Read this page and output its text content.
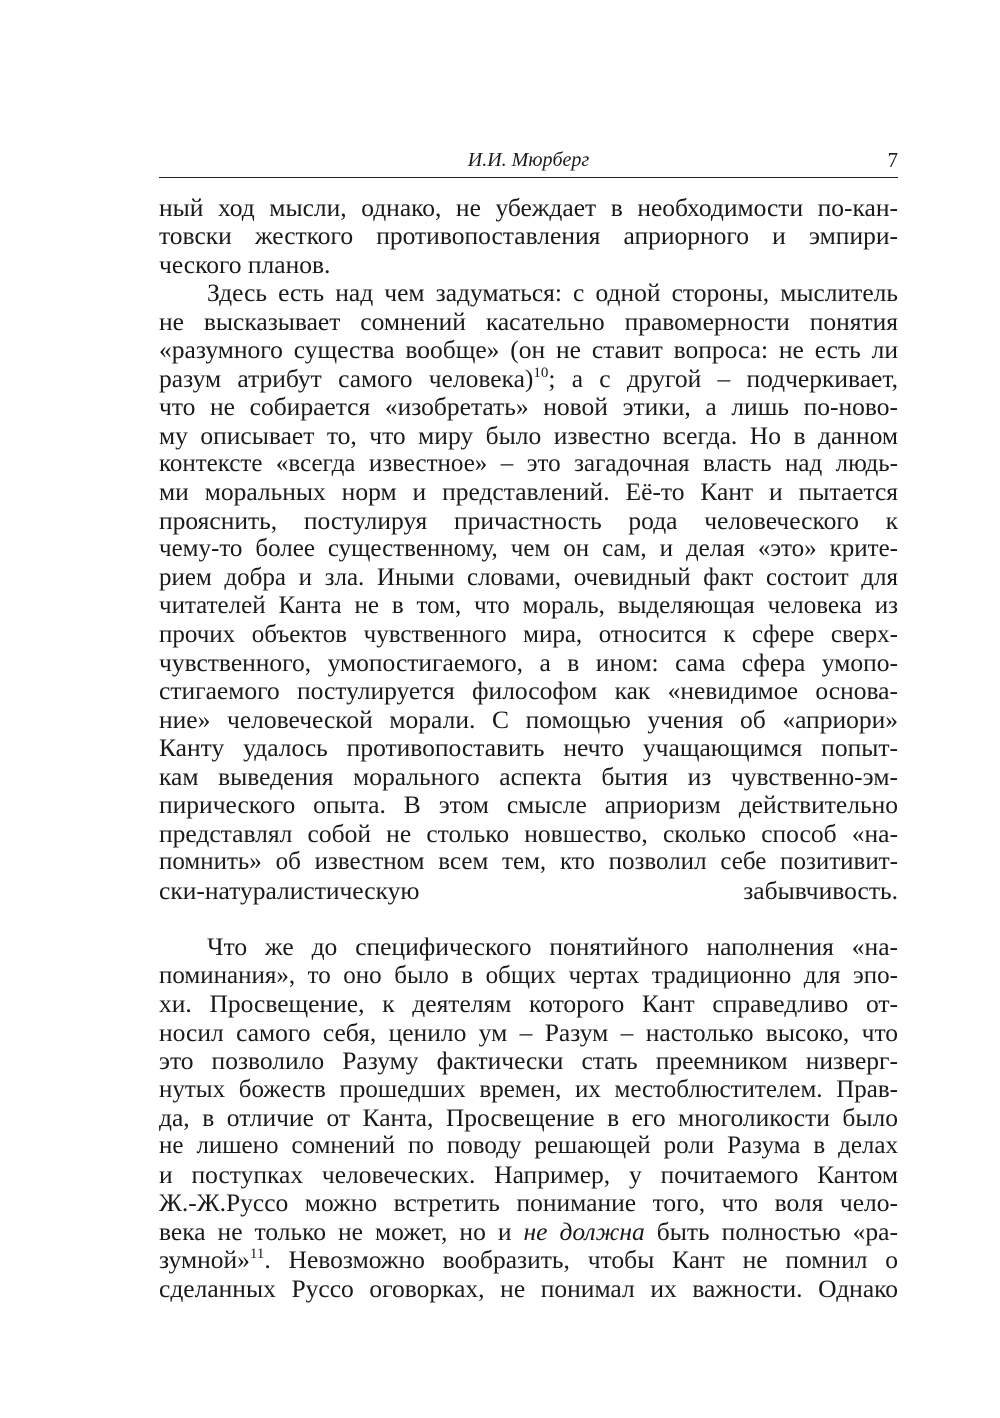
И.И. Мюрберг	7
ный ход мысли, однако, не убеждает в необходимости по-кан-
товски жесткого противопоставления априорного и эмпири-
ческого планов.
Здесь есть над чем задуматься: с одной стороны, мыслитель
не высказывает сомнений касательно правомерности понятия
«разумного существа вообще» (он не ставит вопроса: не есть ли
разум атрибут самого человека)$^{10}$; а с другой – подчеркивает,
что не собирается «изобретать» новой этики, а лишь по-ново-
му описывает то, что миру было известно всегда. Но в данном
контексте «всегда известное» – это загадочная власть над людь-
ми моральных норм и представлений. Её-то Кант и пытается
прояснить, постулируя причастность рода человеческого к
чему-то более существенному, чем он сам, и делая «это» крите-
рием добра и зла. Иными словами, очевидный факт состоит для
читателей Канта не в том, что мораль, выделяющая человека из
прочих объектов чувственного мира, относится к сфере сверх-
чувственного, умопостигаемого, а в ином: сама сфера умопо-
стигаемого постулируется философом как «невидимое основа-
ние» человеческой морали. С помощью учения об «априори»
Канту удалось противопоставить нечто учащающимся попыт-
кам выведения морального аспекта бытия из чувственно-эм-
пирического опыта. В этом смысле априоризм действительно
представлял собой не столько новшество, сколько способ «на-
помнить» об известном всем тем, кто позволил себе позитивит-
ски-натуралистическую забывчивость.
Что же до специфического понятийного наполнения «на-
поминания», то оно было в общих чертах традиционно для эпо-
хи. Просвещение, к деятелям которого Кант справедливо от-
носил самого себя, ценило ум – Разум – настолько высоко, что
это позволило Разуму фактически стать преемником низверг-
нутых божеств прошедших времен, их местоблюстителем. Прав-
да, в отличие от Канта, Просвещение в его многоликости было
не лишено сомнений по поводу решающей роли Разума в делах
и поступках человеческих. Например, у почитаемого Кантом
Ж.-Ж.Руссо можно встретить понимание того, что воля чело-
века не только не может, но и не должна быть полностью «ра-
зумной»$^{11}$. Невозможно вообразить, чтобы Кант не помнил о
сделанных Руссо оговорках, не понимал их важности. Однако
